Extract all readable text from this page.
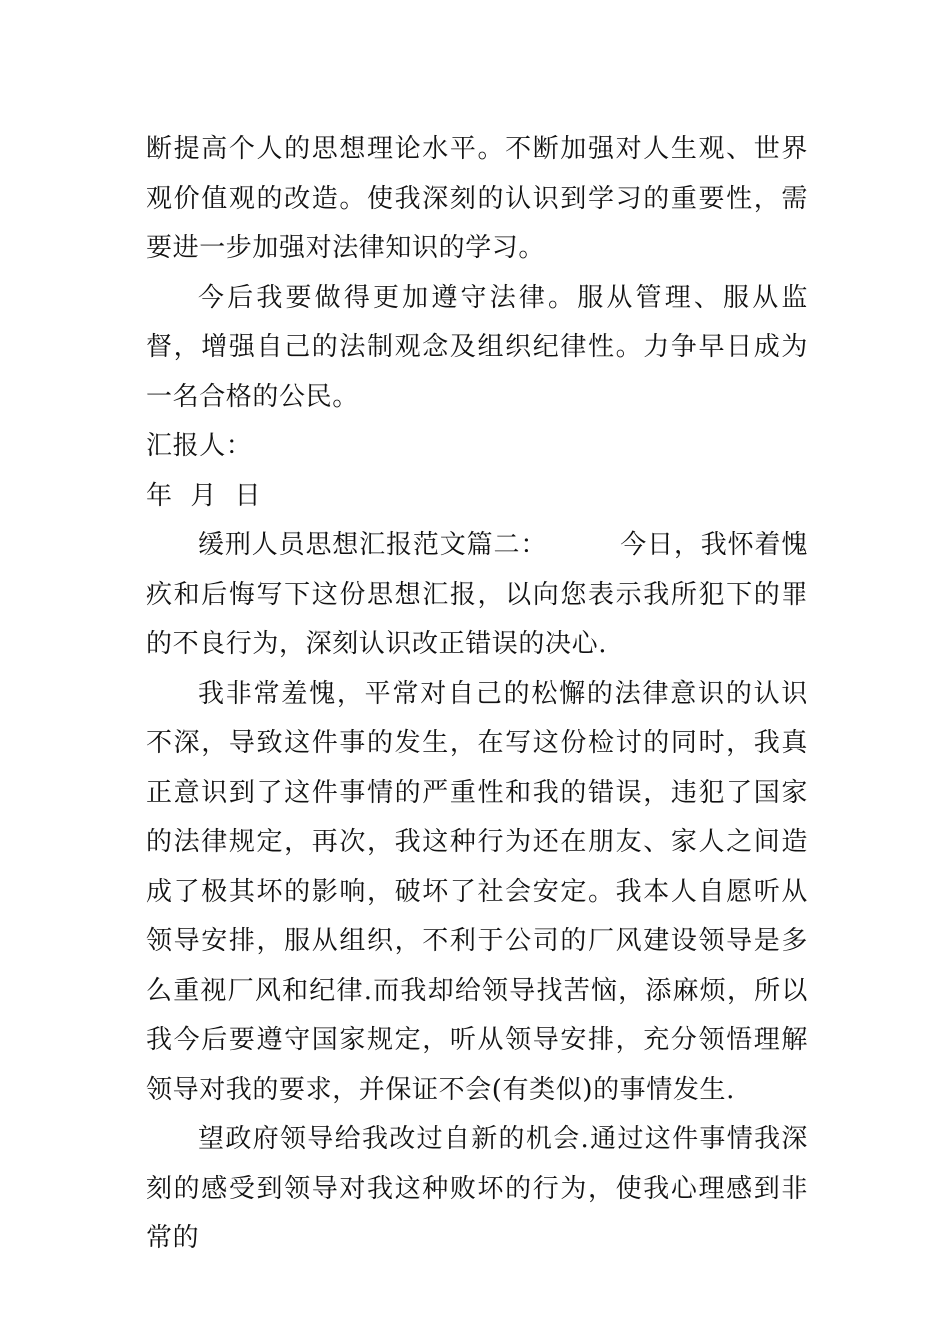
断提高个人的思想理论水平。不断加强对人生观、世界观价值观的改造。使我深刻的认识到学习的重要性，需要进一步加强对法律知识的学习。

今后我要做得更加遵守法律。服从管理、服从监督，增强自己的法制观念及组织纪律性。力争早日成为一名合格的公民。

汇报人：

年  月  日

缓刑人员思想汇报范文篇二：        今日，我怀着愧疚和后悔写下这份思想汇报，以向您表示我所犯下的罪的不良行为，深刻认识改正错误的决心.

我非常羞愧，平常对自己的松懈的法律意识的认识不深，导致这件事的发生，在写这份检讨的同时，我真正意识到了这件事情的严重性和我的错误，违犯了国家的法律规定，再次，我这种行为还在朋友、家人之间造成了极其坏的影响，破坏了社会安定。我本人自愿听从领导安排，服从组织，不利于公司的厂风建设领导是多么重视厂风和纪律.而我却给领导找苦恼，添麻烦，所以我今后要遵守国家规定，听从领导安排，充分领悟理解领导对我的要求，并保证不会(有类似)的事情发生.

望政府领导给我改过自新的机会.通过这件事情我深刻的感受到领导对我这种败坏的行为，使我心理感到非常的
